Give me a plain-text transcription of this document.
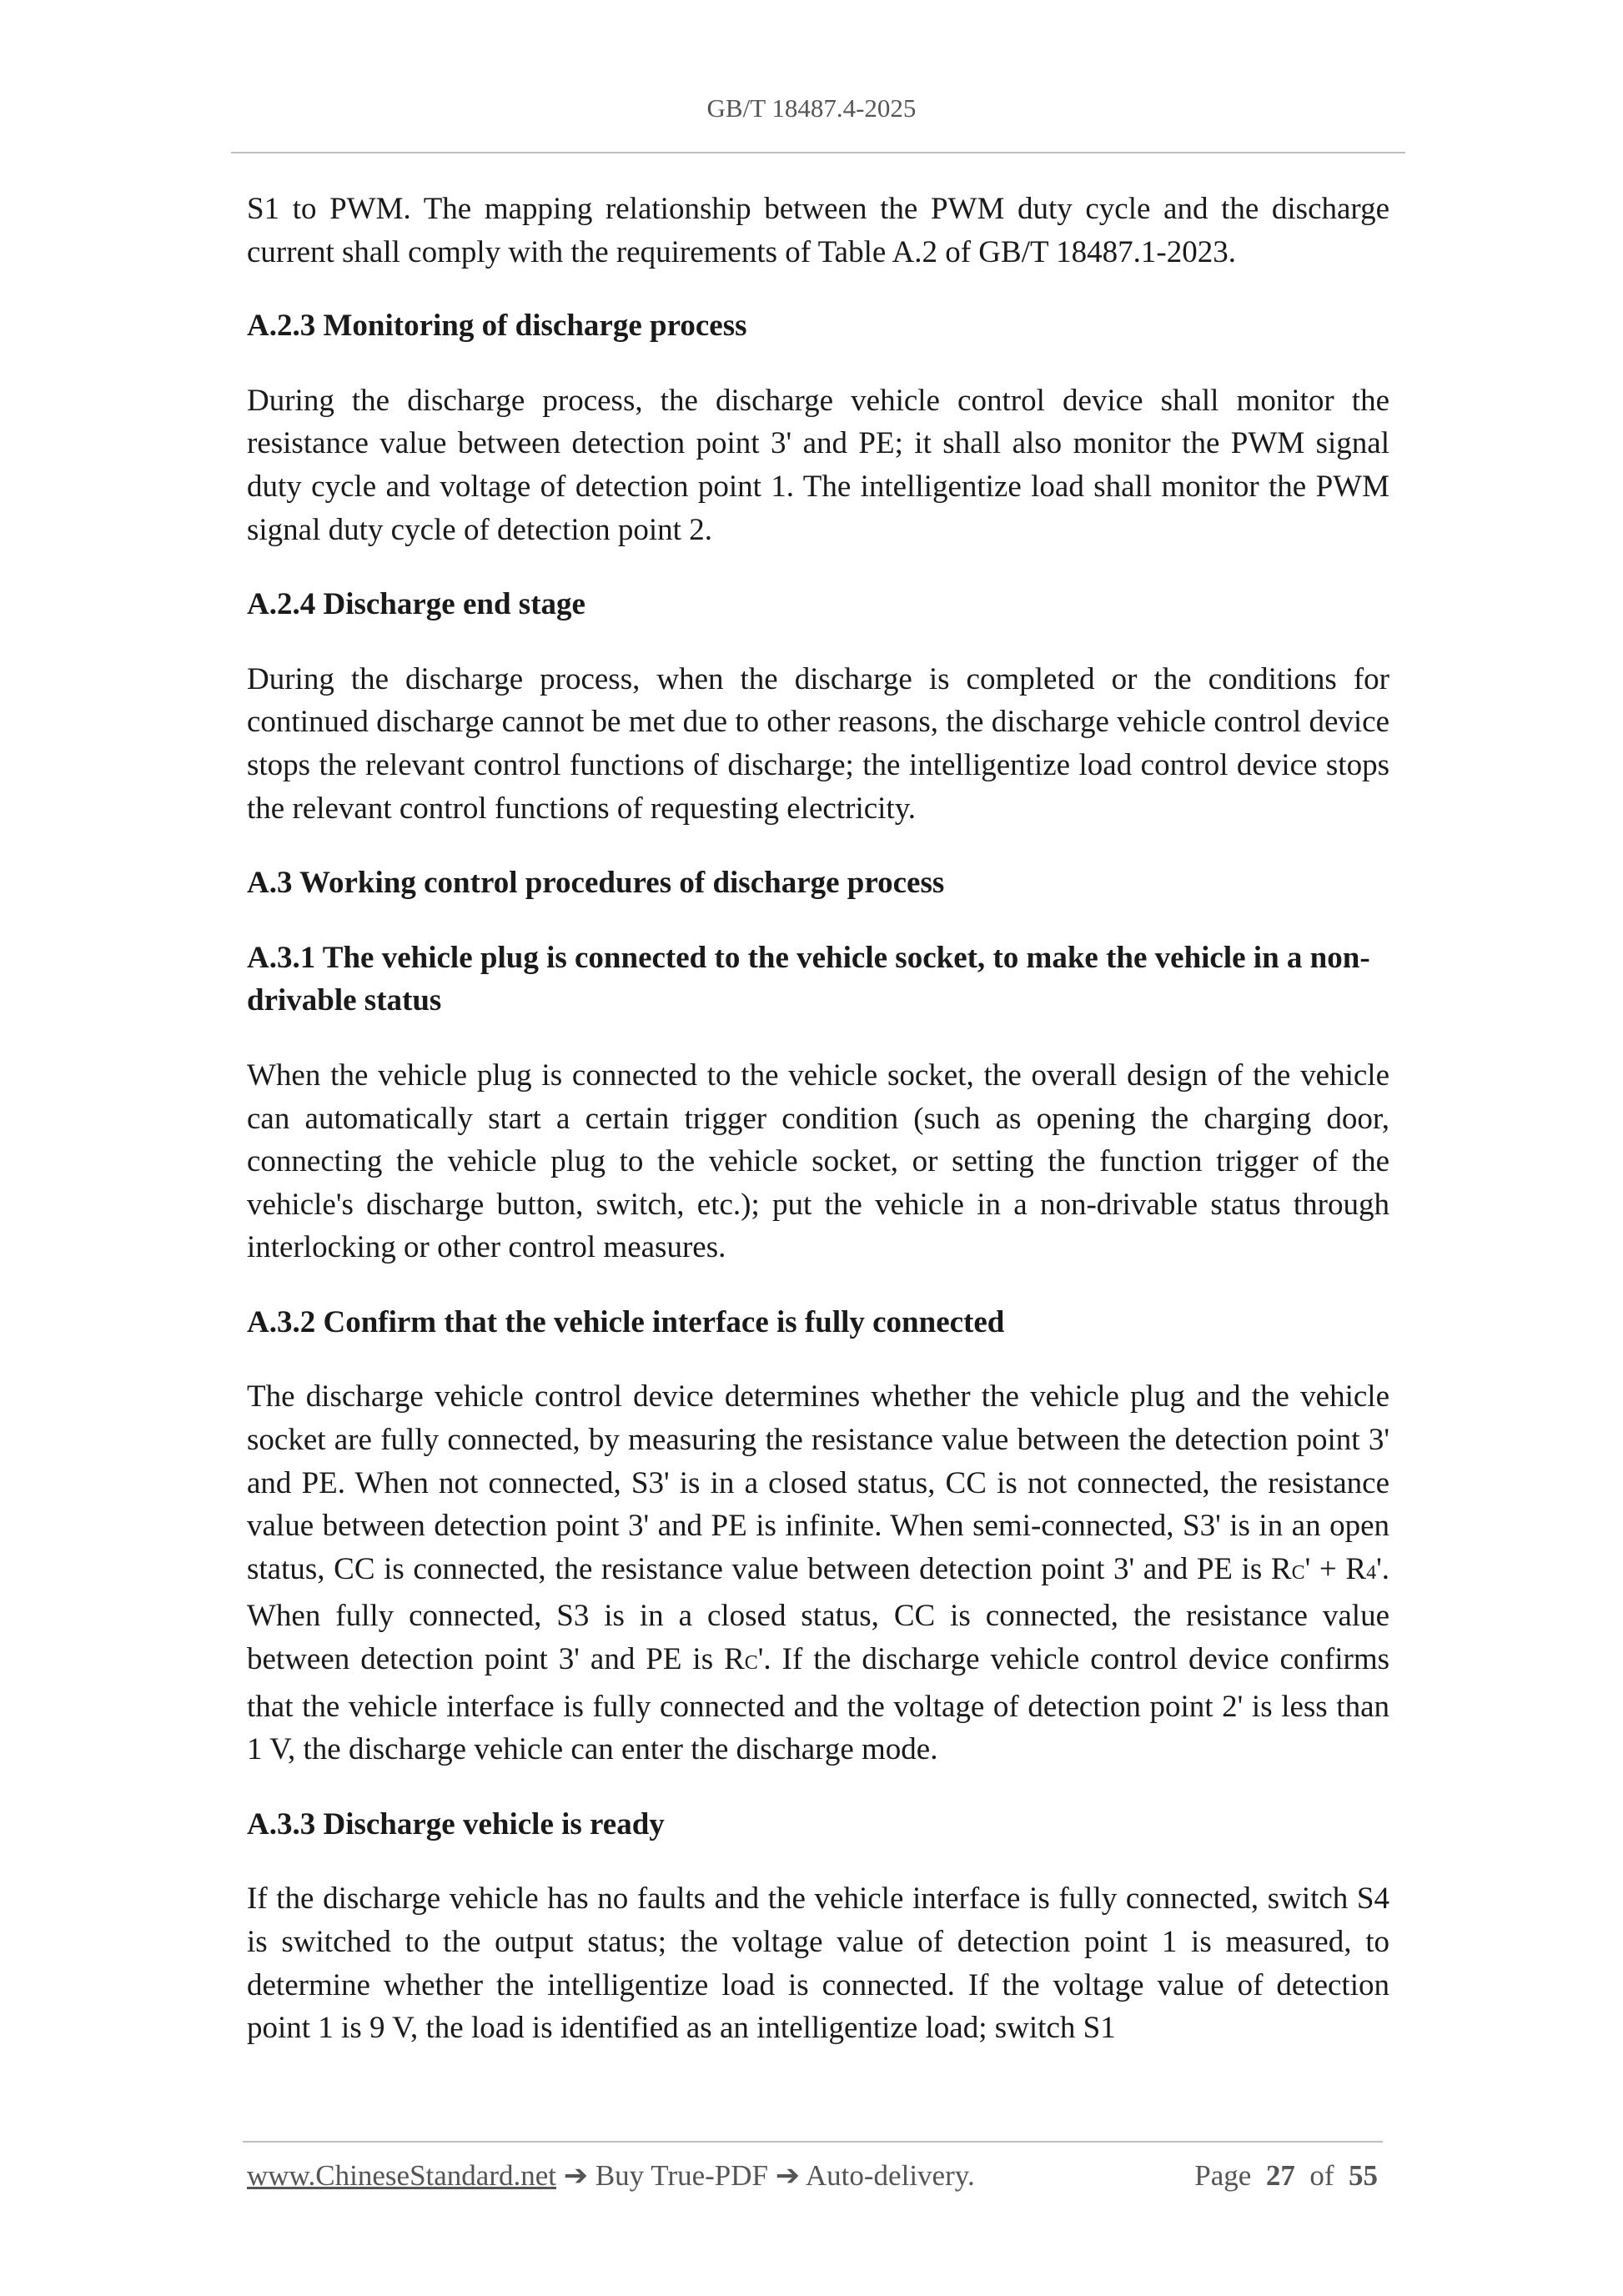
GB/T 18487.4-2025

S1 to PWM. The mapping relationship between the PWM duty cycle and the discharge current shall comply with the requirements of Table A.2 of GB/T 18487.1-2023.

A.2.3 Monitoring of discharge process

During the discharge process, the discharge vehicle control device shall monitor the resistance value between detection point 3' and PE; it shall also monitor the PWM signal duty cycle and voltage of detection point 1. The intelligentize load shall monitor the PWM signal duty cycle of detection point 2.

A.2.4 Discharge end stage

During the discharge process, when the discharge is completed or the conditions for continued discharge cannot be met due to other reasons, the discharge vehicle control device stops the relevant control functions of discharge; the intelligentize load control device stops the relevant control functions of requesting electricity.

A.3 Working control procedures of discharge process

A.3.1 The vehicle plug is connected to the vehicle socket, to make the vehicle in a non-drivable status

When the vehicle plug is connected to the vehicle socket, the overall design of the vehicle can automatically start a certain trigger condition (such as opening the charging door, connecting the vehicle plug to the vehicle socket, or setting the function trigger of the vehicle's discharge button, switch, etc.); put the vehicle in a non-drivable status through interlocking or other control measures.

A.3.2 Confirm that the vehicle interface is fully connected

The discharge vehicle control device determines whether the vehicle plug and the vehicle socket are fully connected, by measuring the resistance value between the detection point 3' and PE. When not connected, S3' is in a closed status, CC is not connected, the resistance value between detection point 3' and PE is infinite. When semi-connected, S3' is in an open status, CC is connected, the resistance value between detection point 3' and PE is RC' + R4'. When fully connected, S3 is in a closed status, CC is connected, the resistance value between detection point 3' and PE is RC'. If the discharge vehicle control device confirms that the vehicle interface is fully connected and the voltage of detection point 2' is less than 1 V, the discharge vehicle can enter the discharge mode.

A.3.3 Discharge vehicle is ready

If the discharge vehicle has no faults and the vehicle interface is fully connected, switch S4 is switched to the output status; the voltage value of detection point 1 is measured, to determine whether the intelligentize load is connected. If the voltage value of detection point 1 is 9 V, the load is identified as an intelligentize load; switch S1

www.ChineseStandard.net ➔ Buy True-PDF ➔ Auto-delivery.	Page 27 of 55
